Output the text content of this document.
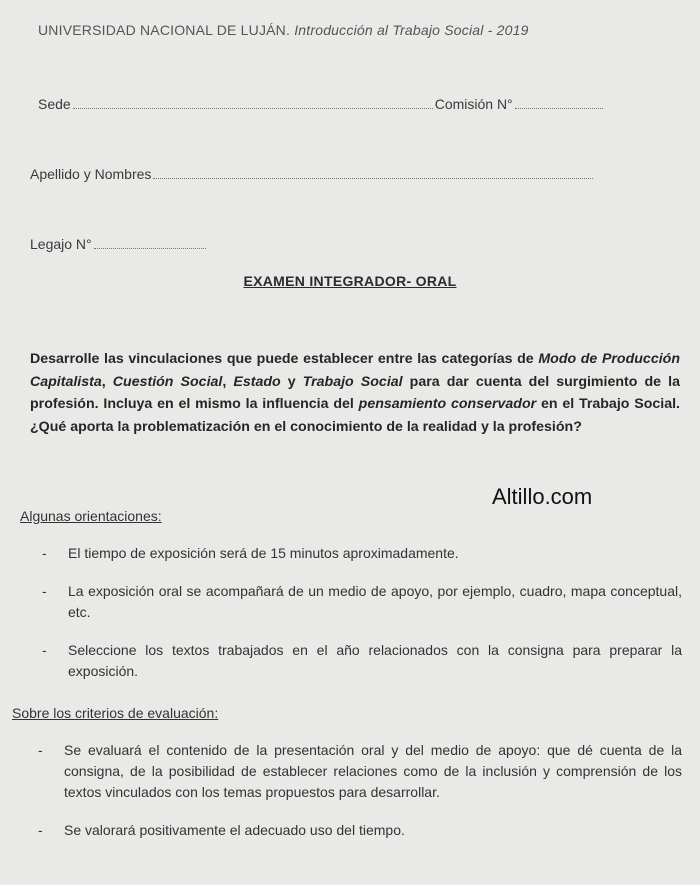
UNIVERSIDAD NACIONAL DE LUJÁN. Introducción al Trabajo Social - 2019
Sede	Comisión N°
Apellido y Nombres
Legajo N°
EXAMEN INTEGRADOR- ORAL
Desarrolle las vinculaciones que puede establecer entre las categorías de Modo de Producción Capitalista, Cuestión Social, Estado y Trabajo Social para dar cuenta del surgimiento de la profesión. Incluya en el mismo la influencia del pensamiento conservador en el Trabajo Social. ¿Qué aporta la problematización en el conocimiento de la realidad y la profesión?
Altillo.com
Algunas orientaciones:
- El tiempo de exposición será de 15 minutos aproximadamente.
- La exposición oral se acompañará de un medio de apoyo, por ejemplo, cuadro, mapa conceptual, etc.
- Seleccione los textos trabajados en el año relacionados con la consigna para preparar la exposición.
Sobre los criterios de evaluación:
- Se evaluará el contenido de la presentación oral y del medio de apoyo: que dé cuenta de la consigna, de la posibilidad de establecer relaciones como de la inclusión y comprensión de los textos vinculados con los temas propuestos para desarrollar.
- Se valorará positivamente el adecuado uso del tiempo.
